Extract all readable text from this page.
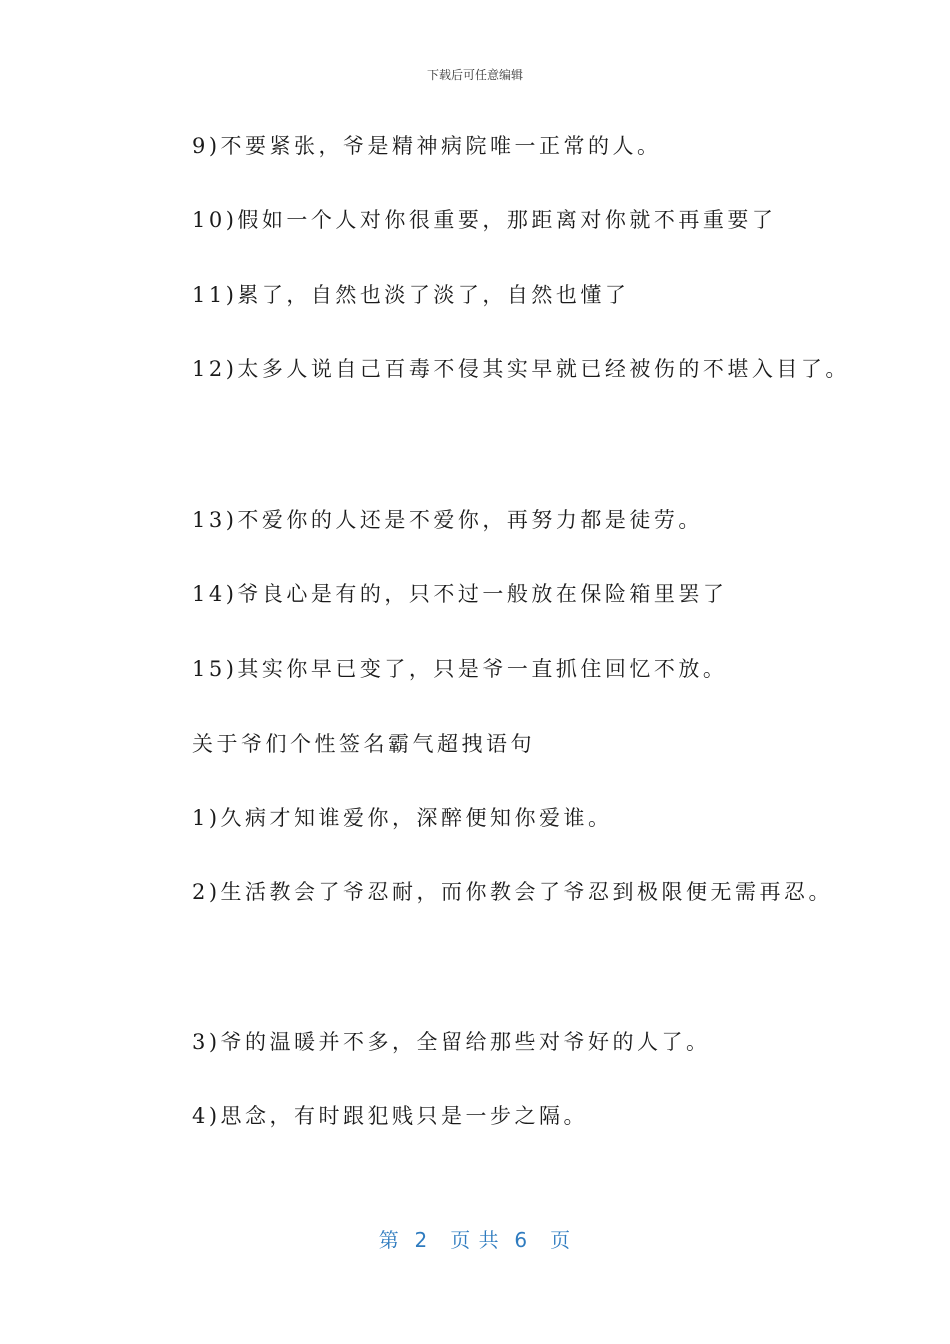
下载后可任意编辑
9)不要紧张，爷是精神病院唯一正常的人。
10)假如一个人对你很重要，那距离对你就不再重要了
11)累了，自然也淡了淡了，自然也懂了
12)太多人说自己百毒不侵其实早就已经被伤的不堪入目了。
13)不爱你的人还是不爱你，再努力都是徒劳。
14)爷良心是有的，只不过一般放在保险箱里罢了
15)其实你早已变了，只是爷一直抓住回忆不放。
关于爷们个性签名霸气超拽语句
1)久病才知谁爱你，深醉便知你爱谁。
2)生活教会了爷忍耐，而你教会了爷忍到极限便无需再忍。
3)爷的温暖并不多，全留给那些对爷好的人了。
4)思念，有时跟犯贱只是一步之隔。
第  2   页 共  6   页
